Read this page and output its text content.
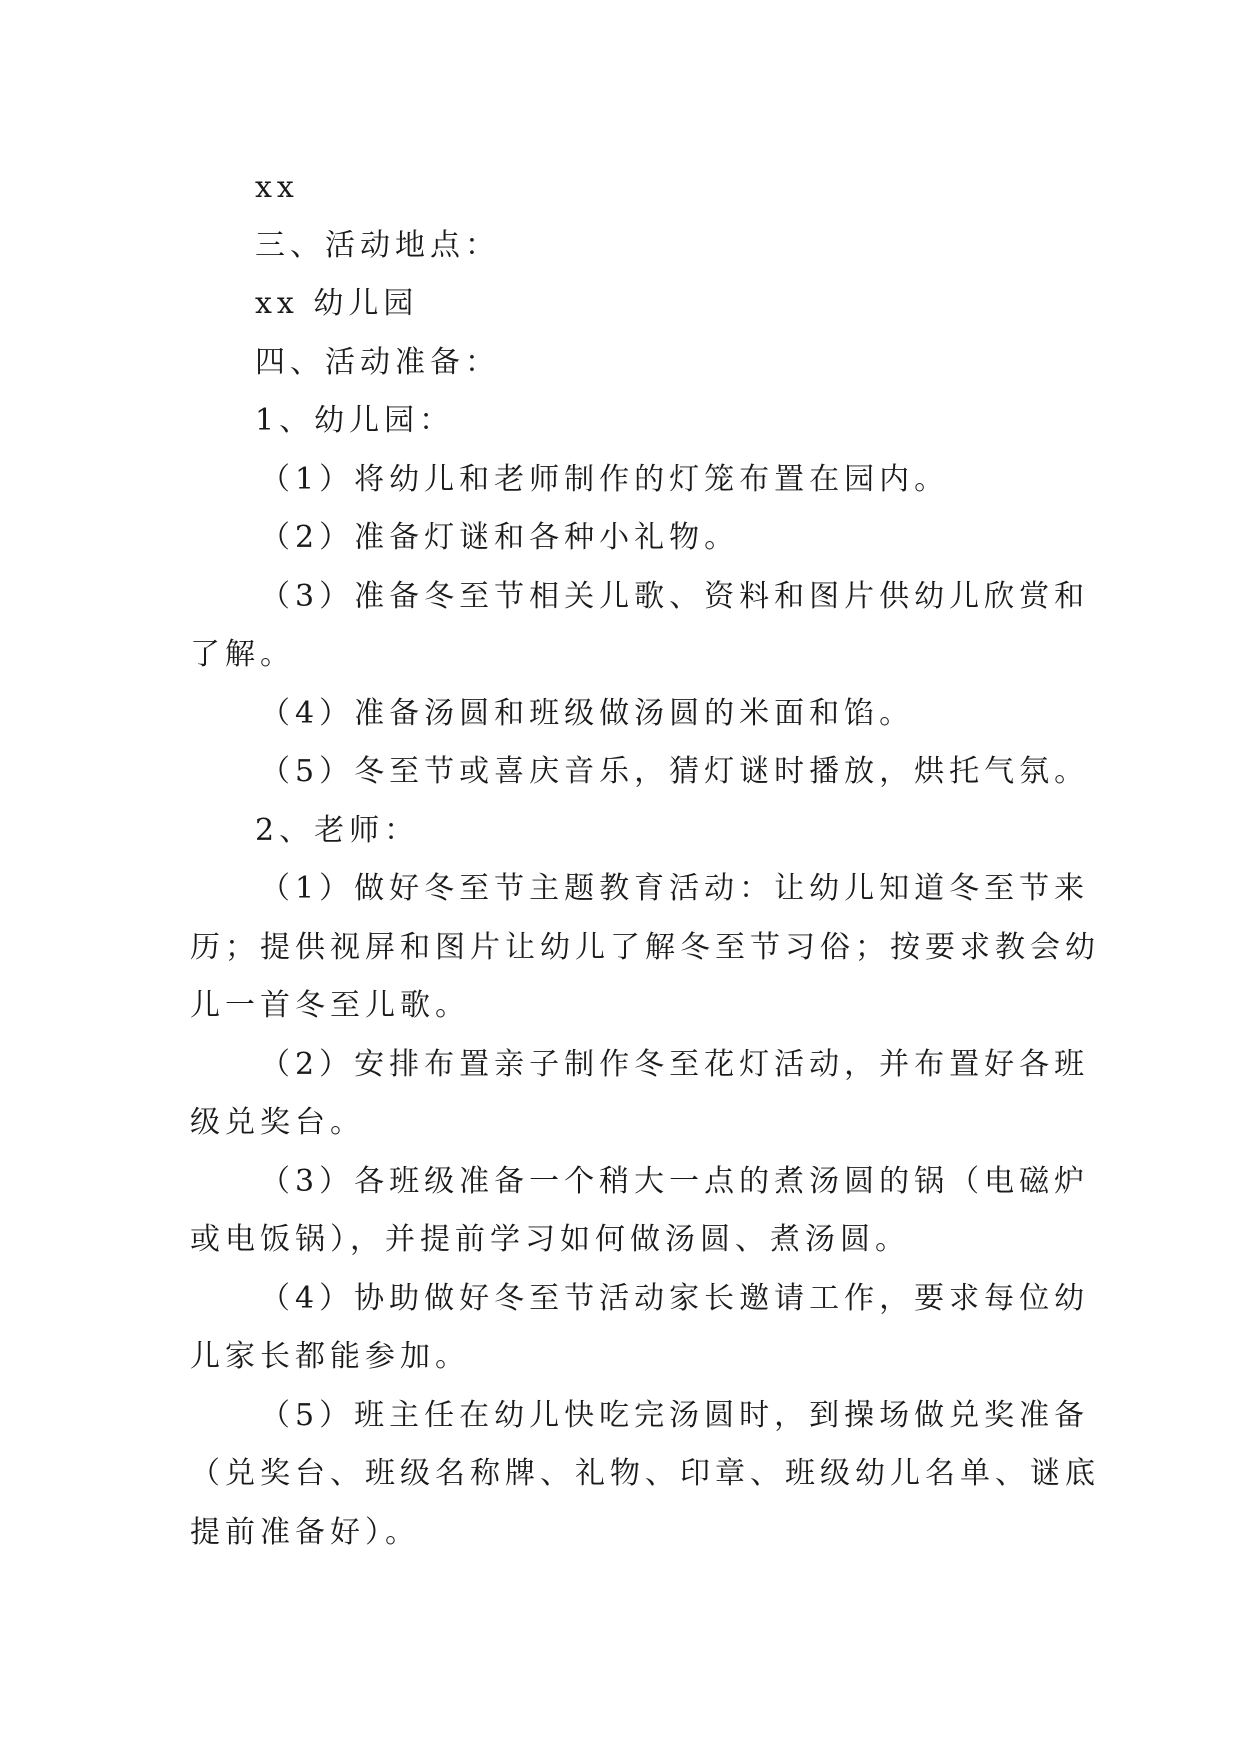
xx
三、活动地点：
xx 幼儿园
四、活动准备：
1、幼儿园：
（1）将幼儿和老师制作的灯笼布置在园内。
（2）准备灯谜和各种小礼物。
（3）准备冬至节相关儿歌、资料和图片供幼儿欣赏和
了解。
（4）准备汤圆和班级做汤圆的米面和馅。
（5）冬至节或喜庆音乐，猜灯谜时播放，烘托气氛。
2、老师：
（1）做好冬至节主题教育活动：让幼儿知道冬至节来
历；提供视屏和图片让幼儿了解冬至节习俗；按要求教会幼
儿一首冬至儿歌。
（2）安排布置亲子制作冬至花灯活动，并布置好各班
级兑奖台。
（3）各班级准备一个稍大一点的煮汤圆的锅（电磁炉
或电饭锅），并提前学习如何做汤圆、煮汤圆。
（4）协助做好冬至节活动家长邀请工作，要求每位幼
儿家长都能参加。
（5）班主任在幼儿快吃完汤圆时，到操场做兑奖准备
（兑奖台、班级名称牌、礼物、印章、班级幼儿名单、谜底
提前准备好）。
